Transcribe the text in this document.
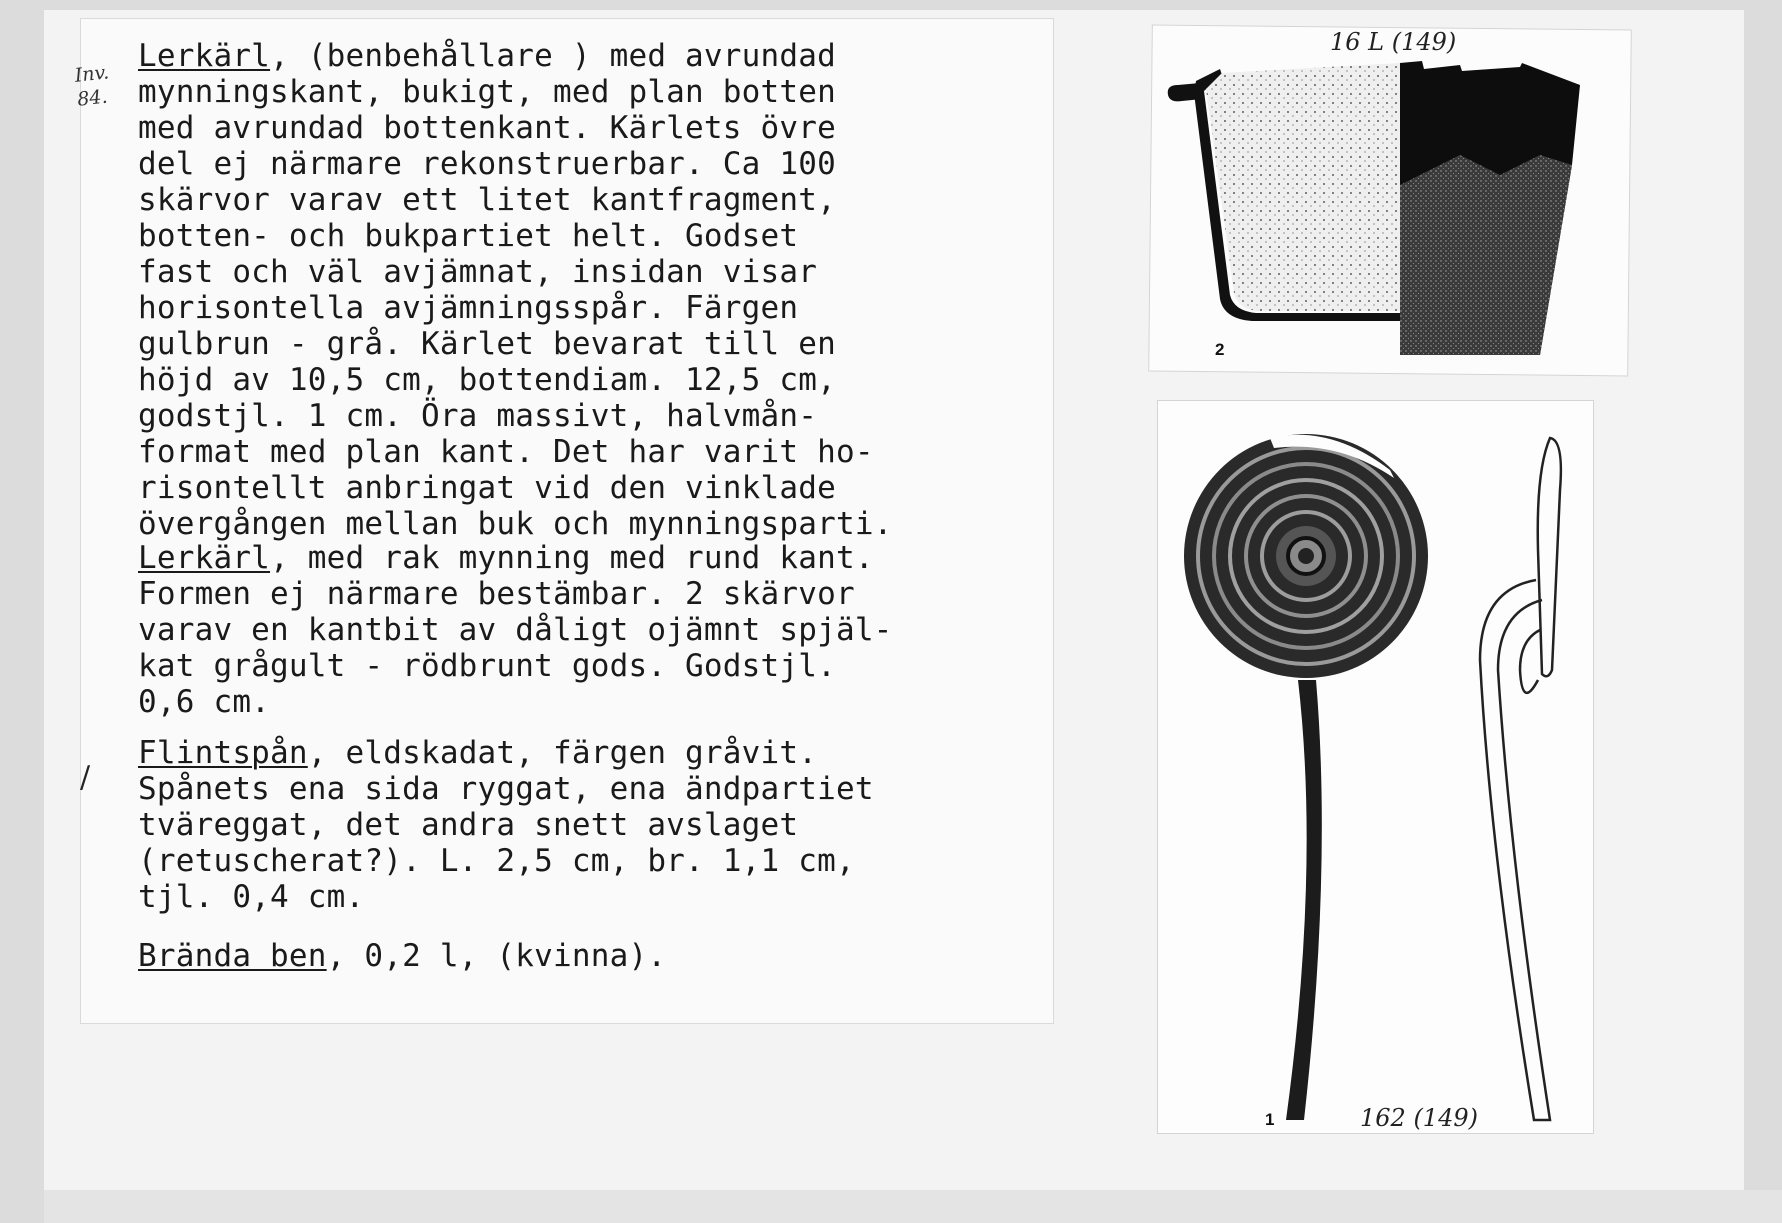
Inv.
84.
/

Lerkärl, (benbehållare ) med avrundad

mynningskant, bukigt, med plan botten

med avrundad bottenkant. Kärlets övre

del ej närmare rekonstruerbar. Ca 100

skärvor varav ett litet kantfragment,

botten- och bukpartiet helt. Godset

fast och väl avjämnat, insidan visar

horisontella avjämningsspår. Färgen

gulbrun - grå. Kärlet bevarat till en

höjd av 10,5 cm, bottendiam. 12,5 cm,

godstjl. 1 cm. Öra massivt, halvmån-

format med plan kant. Det har varit ho-

risontellt anbringat vid den vinklade

övergången mellan buk och mynningsparti.

Lerkärl, med rak mynning med rund kant.

Formen ej närmare bestämbar. 2 skärvor

varav en kantbit av dåligt ojämnt spjäl-

kat grågult - rödbrunt gods. Godstjl.

0,6 cm.

Flintspån, eldskadat, färgen gråvit.

Spånets ena sida ryggat, ena ändpartiet

tväreggat, det andra snett avslaget

(retuscherat?). L. 2,5 cm, br. 1,1 cm,

tjl. 0,4 cm.

Brända ben, 0,2 l, (kvinna).

16 L (149)
2
1	162 (149)
